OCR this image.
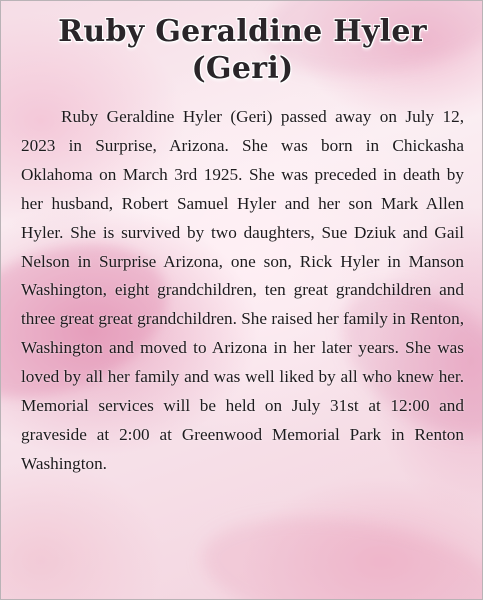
Ruby Geraldine Hyler
(Geri)

Ruby Geraldine Hyler (Geri) passed away on July 12, 2023 in Surprise, Arizona. She was born in Chickasha Oklahoma on March 3rd 1925. She was preceded in death by her husband, Robert Samuel Hyler and her son Mark Allen Hyler. She is survived by two daughters, Sue Dziuk and Gail Nelson in Surprise Arizona, one son, Rick Hyler in Manson Washington, eight grandchildren, ten great grandchildren and three great great grandchildren. She raised her family in Renton, Washington and moved to Arizona in her later years. She was loved by all her family and was well liked by all who knew her. Memorial services will be held on July 31st at 12:00 and graveside at 2:00 at Greenwood Memorial Park in Renton Washington.
